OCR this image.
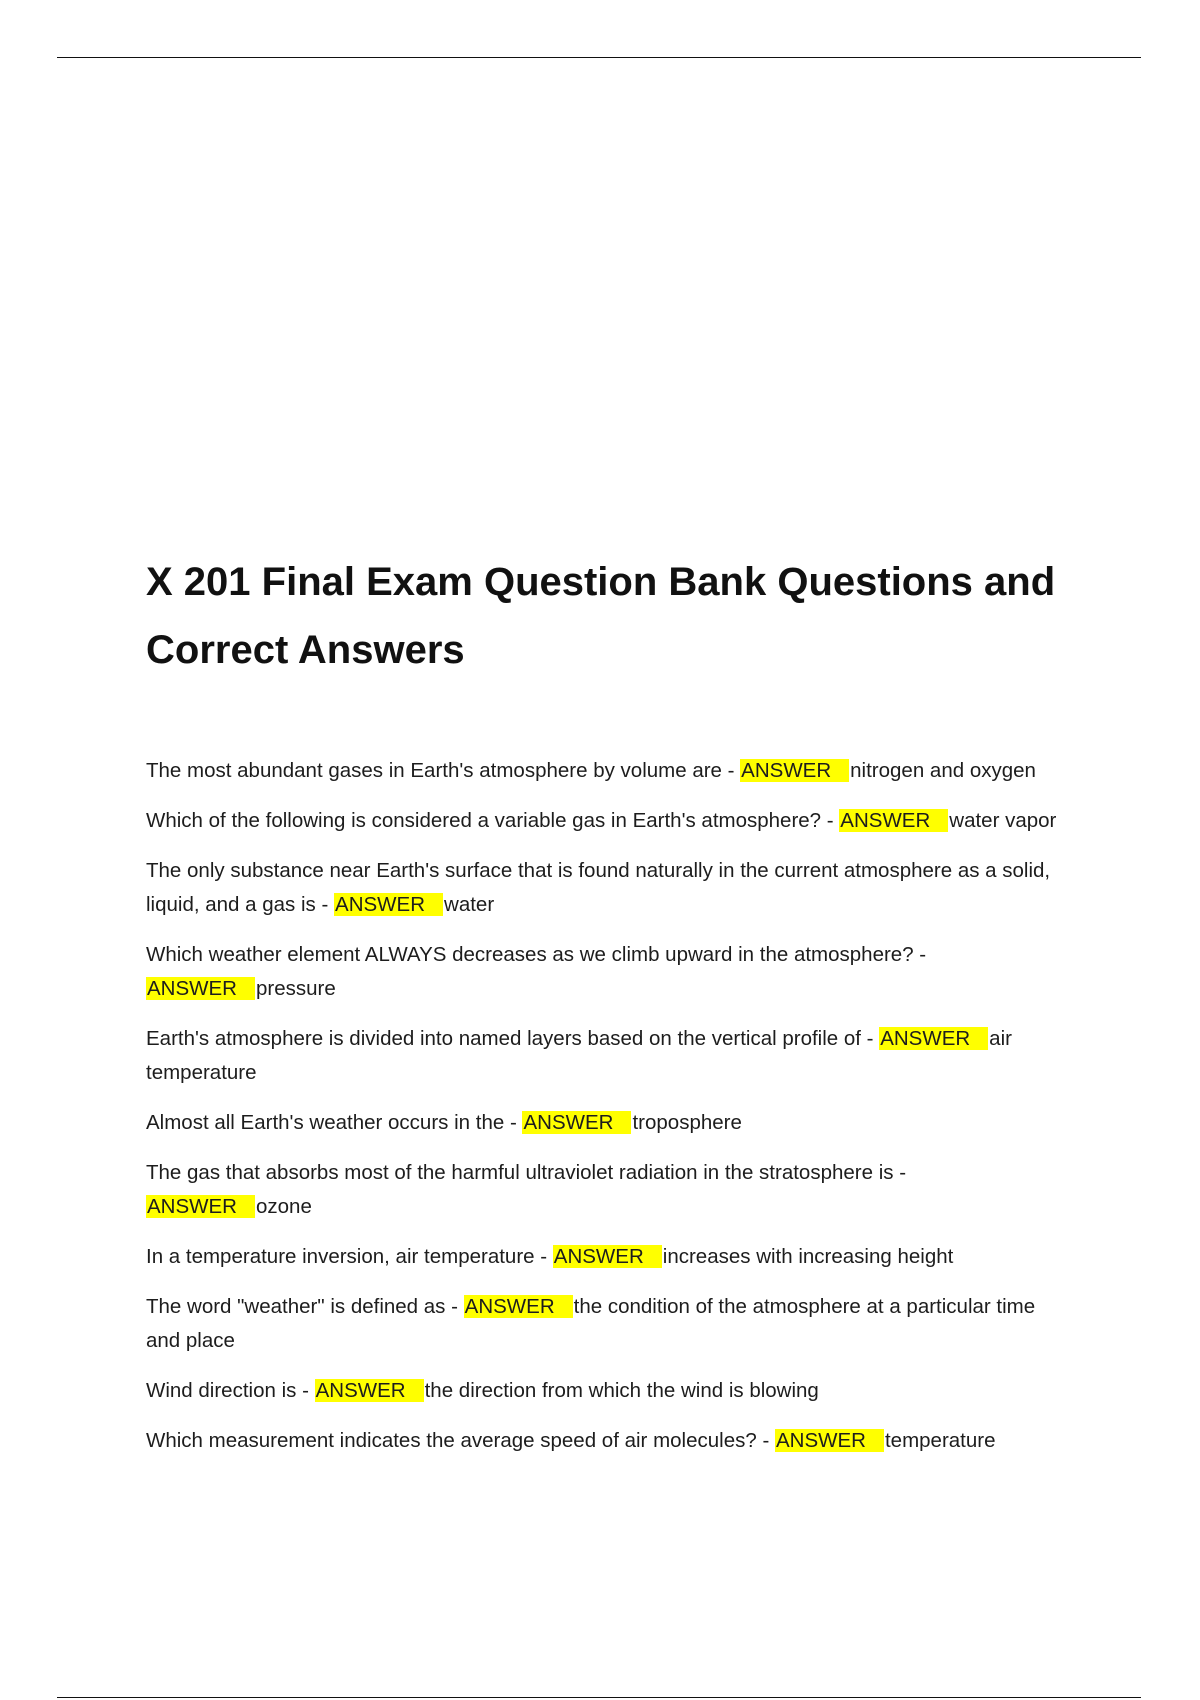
X 201 Final Exam Question Bank Questions and Correct Answers
The most abundant gases in Earth's atmosphere by volume are - ANSWER nitrogen and oxygen
Which of the following is considered a variable gas in Earth's atmosphere? - ANSWER water vapor
The only substance near Earth's surface that is found naturally in the current atmosphere as a solid, liquid, and a gas is - ANSWER water
Which weather element ALWAYS decreases as we climb upward in the atmosphere? - ANSWER pressure
Earth's atmosphere is divided into named layers based on the vertical profile of - ANSWER air temperature
Almost all Earth's weather occurs in the - ANSWER troposphere
The gas that absorbs most of the harmful ultraviolet radiation in the stratosphere is - ANSWER ozone
In a temperature inversion, air temperature - ANSWER increases with increasing height
The word "weather" is defined as - ANSWER the condition of the atmosphere at a particular time and place
Wind direction is - ANSWER the direction from which the wind is blowing
Which measurement indicates the average speed of air molecules? - ANSWER temperature
